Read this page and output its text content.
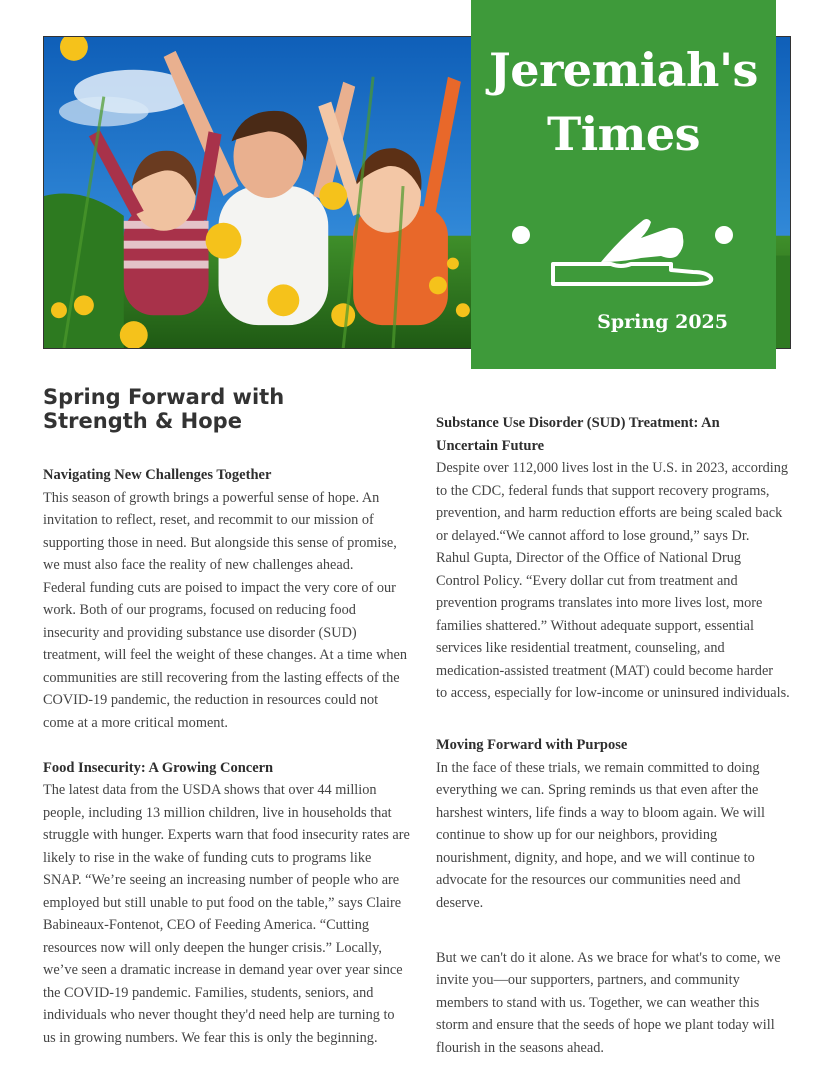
Jeremiah's
Times
Spring 2025
Spring Forward with
Strength & Hope
Navigating New Challenges Together
This season of growth brings a powerful sense of hope. An
invitation to reflect, reset, and recommit to our mission of
supporting those in need. But alongside this sense of promise,
we must also face the reality of new challenges ahead.
Federal funding cuts are poised to impact the very core of our
work. Both of our programs, focused on reducing food
insecurity and providing substance use disorder (SUD)
treatment, will feel the weight of these changes. At a time when
communities are still recovering from the lasting effects of the
COVID-19 pandemic, the reduction in resources could not
come at a more critical moment.
Food Insecurity: A Growing Concern
The latest data from the USDA shows that over 44 million
people, including 13 million children, live in households that
struggle with hunger. Experts warn that food insecurity rates are
likely to rise in the wake of funding cuts to programs like
SNAP. “We’re seeing an increasing number of people who are
employed but still unable to put food on the table,” says Claire
Babineaux-Fontenot, CEO of Feeding America. “Cutting
resources now will only deepen the hunger crisis.” Locally,
we’ve seen a dramatic increase in demand year over year since
the COVID-19 pandemic. Families, students, seniors, and
individuals who never thought they'd need help are turning to
us in growing numbers. We fear this is only the beginning.
Substance Use Disorder (SUD) Treatment: An
Uncertain Future
Despite over 112,000 lives lost in the U.S. in 2023, according
to the CDC, federal funds that support recovery programs,
prevention, and harm reduction efforts are being scaled back
or delayed.“We cannot afford to lose ground,” says Dr.
Rahul Gupta, Director of the Office of National Drug
Control Policy. “Every dollar cut from treatment and
prevention programs translates into more lives lost, more
families shattered.” Without adequate support, essential
services like residential treatment, counseling, and
medication-assisted treatment (MAT) could become harder
to access, especially for low-income or uninsured individuals.
Moving Forward with Purpose
In the face of these trials, we remain committed to doing
everything we can. Spring reminds us that even after the
harshest winters, life finds a way to bloom again. We will
continue to show up for our neighbors, providing
nourishment, dignity, and hope, and we will continue to
advocate for the resources our communities need and
deserve.
But we can't do it alone. As we brace for what's to come, we
invite you—our supporters, partners, and community
members to stand with us. Together, we can weather this
storm and ensure that the seeds of hope we plant today will
flourish in the seasons ahead.
